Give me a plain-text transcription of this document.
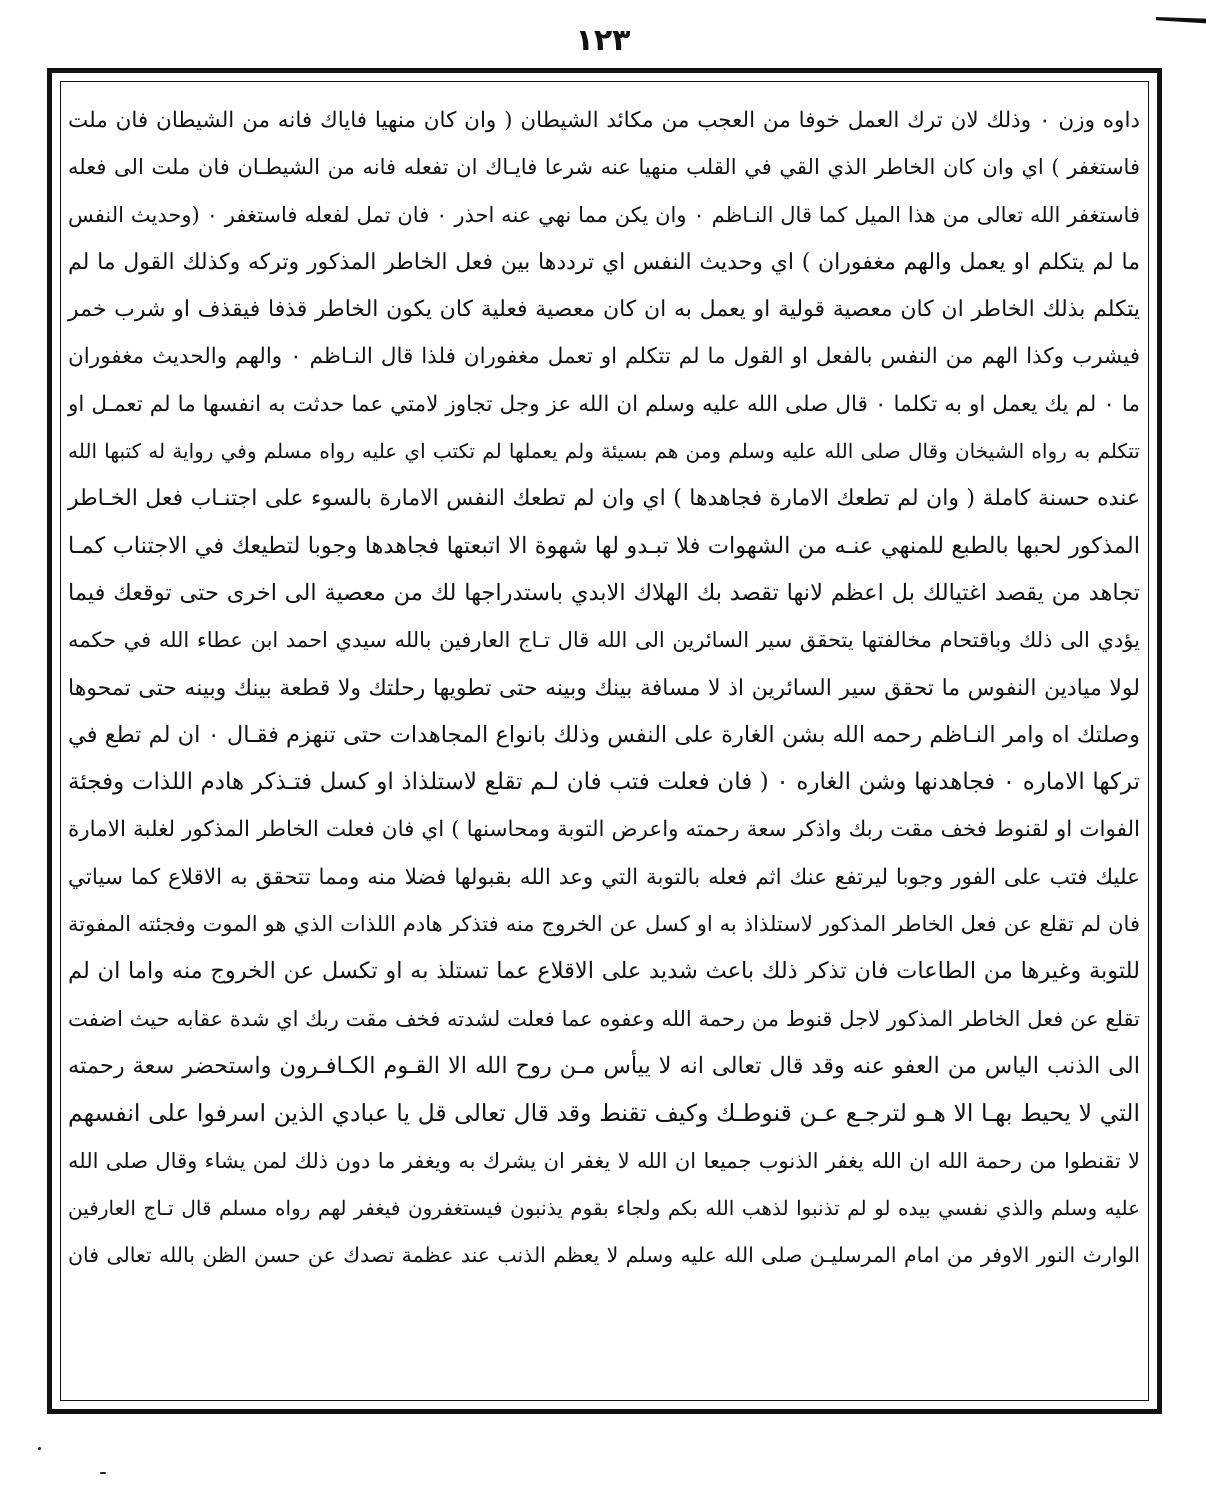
١٢٣
داوه وزن ٠ وذلك لان ترك العمل خوفا من العجب من مكائد الشيطان ( وان كان منهيا فاياك فانه من الشيطان فان ملت
فاستغفر ) اي وان كان الخاطر الذي القي في القلب منهيا عنه شرعا فايـاك ان تفعله فانه من الشيطـان فان ملت الى فعله
فاستغفر الله تعالى من هذا الميل كما قال النـاظم ٠ وان يكن مما نهي عنه احذر ٠ فان تمل لفعله فاستغفر ٠ (وحديث النفس
ما لم يتكلم او يعمل والهم مغفوران ) اي وحديث النفس اي ترددها بين فعل الخاطر المذكور وتركه وكذلك القول ما لم
يتكلم بذلك الخاطر ان كان معصية قولية او يعمل به ان كان معصية فعلية كان يكون الخاطر قذفا فيقذف او شرب خمر
فيشرب وكذا الهم من النفس بالفعل او القول ما لم تتكلم او تعمل مغفوران فلذا قال النـاظم ٠ والهم والحديث مغفوران
ما ٠ لم يك يعمل او به تكلما ٠ قال صلى الله عليه وسلم ان الله عز وجل تجاوز لامتي عما حدثت به انفسها ما لم تعمـل او
تتكلم به رواه الشيخان وقال صلى الله عليه وسلم ومن هم بسيئة ولم يعملها لم تكتب اي عليه رواه مسلم وفي رواية له كتبها الله
عنده حسنة كاملة ( وان لم تطعك الامارة فجاهدها ) اي وان لم تطعك النفس الامارة بالسوء على اجتنـاب فعل الخـاطر
المذكور لحبها بالطبع للمنهي عنـه من الشهوات فلا تبـدو لها شهوة الا اتبعتها فجاهدها وجوبا لتطيعك في الاجتناب كمـا
تجاهد من يقصد اغتيالك بل اعظم لانها تقصد بك الهلاك الابدي باستدراجها لك من معصية الى اخرى حتى توقعك فيما
يؤدي الى ذلك وباقتحام مخالفتها يتحقق سير السائرين الى الله قال تـاج العارفين بالله سيدي احمد ابن عطاء الله في حكمه
لولا ميادين النفوس ما تحقق سير السائرين اذ لا مسافة بينك وبينه حتى تطويها رحلتك ولا قطعة بينك وبينه حتى تمحوها
وصلتك اه وامر النـاظم رحمه الله بشن الغارة على النفس وذلك بانواع المجاهدات حتى تنهزم فقـال ٠ ان لم تطع في
تركها الاماره ٠ فجاهدنها وشن الغاره ٠ ( فان فعلت فتب فان لـم تقلع لاستلذاذ او كسل فتـذكر هادم اللذات وفجئة
الفوات او لقنوط فخف مقت ربك واذكر سعة رحمته واعرض التوبة ومحاسنها ) اي فان فعلت الخاطر المذكور لغلبة الامارة
عليك فتب على الفور وجوبا ليرتفع عنك اثم فعله بالتوبة التي وعد الله بقبولها فضلا منه ومما تتحقق به الاقلاع كما سياتي
فان لم تقلع عن فعل الخاطر المذكور لاستلذاذ به او كسل عن الخروج منه فتذكر هادم اللذات الذي هو الموت وفجئته المفوتة
للتوبة وغيرها من الطاعات فان تذكر ذلك باعث شديد على الاقلاع عما تستلذ به او تكسل عن الخروج منه واما ان لم
تقلع عن فعل الخاطر المذكور لاجل قنوط من رحمة الله وعفوه عما فعلت لشدته فخف مقت ربك اي شدة عقابه حيث اضفت
الى الذنب الياس من العفو عنه وقد قال تعالى انه لا ييأس مـن روح الله الا القـوم الكـافـرون واستحضر سعة رحمته
التي لا يحيط بهـا الا هـو لترجـع عـن قنوطـك وكيف تقنط وقد قال تعالى قل يا عبادي الذين اسرفوا على انفسهم
لا تقنطوا من رحمة الله ان الله يغفر الذنوب جميعا ان الله لا يغفر ان يشرك به ويغفر ما دون ذلك لمن يشاء وقال صلى الله
عليه وسلم والذي نفسي بيده لو لم تذنبوا لذهب الله بكم ولجاء بقوم يذنبون فيستغفرون فيغفر لهم رواه مسلم قال تـاج العارفين
الوارث النور الاوفر من امام المرسليـن صلى الله عليه وسلم لا يعظم الذنب عند عظمة تصدك عن حسن الظن بالله تعالى فان
